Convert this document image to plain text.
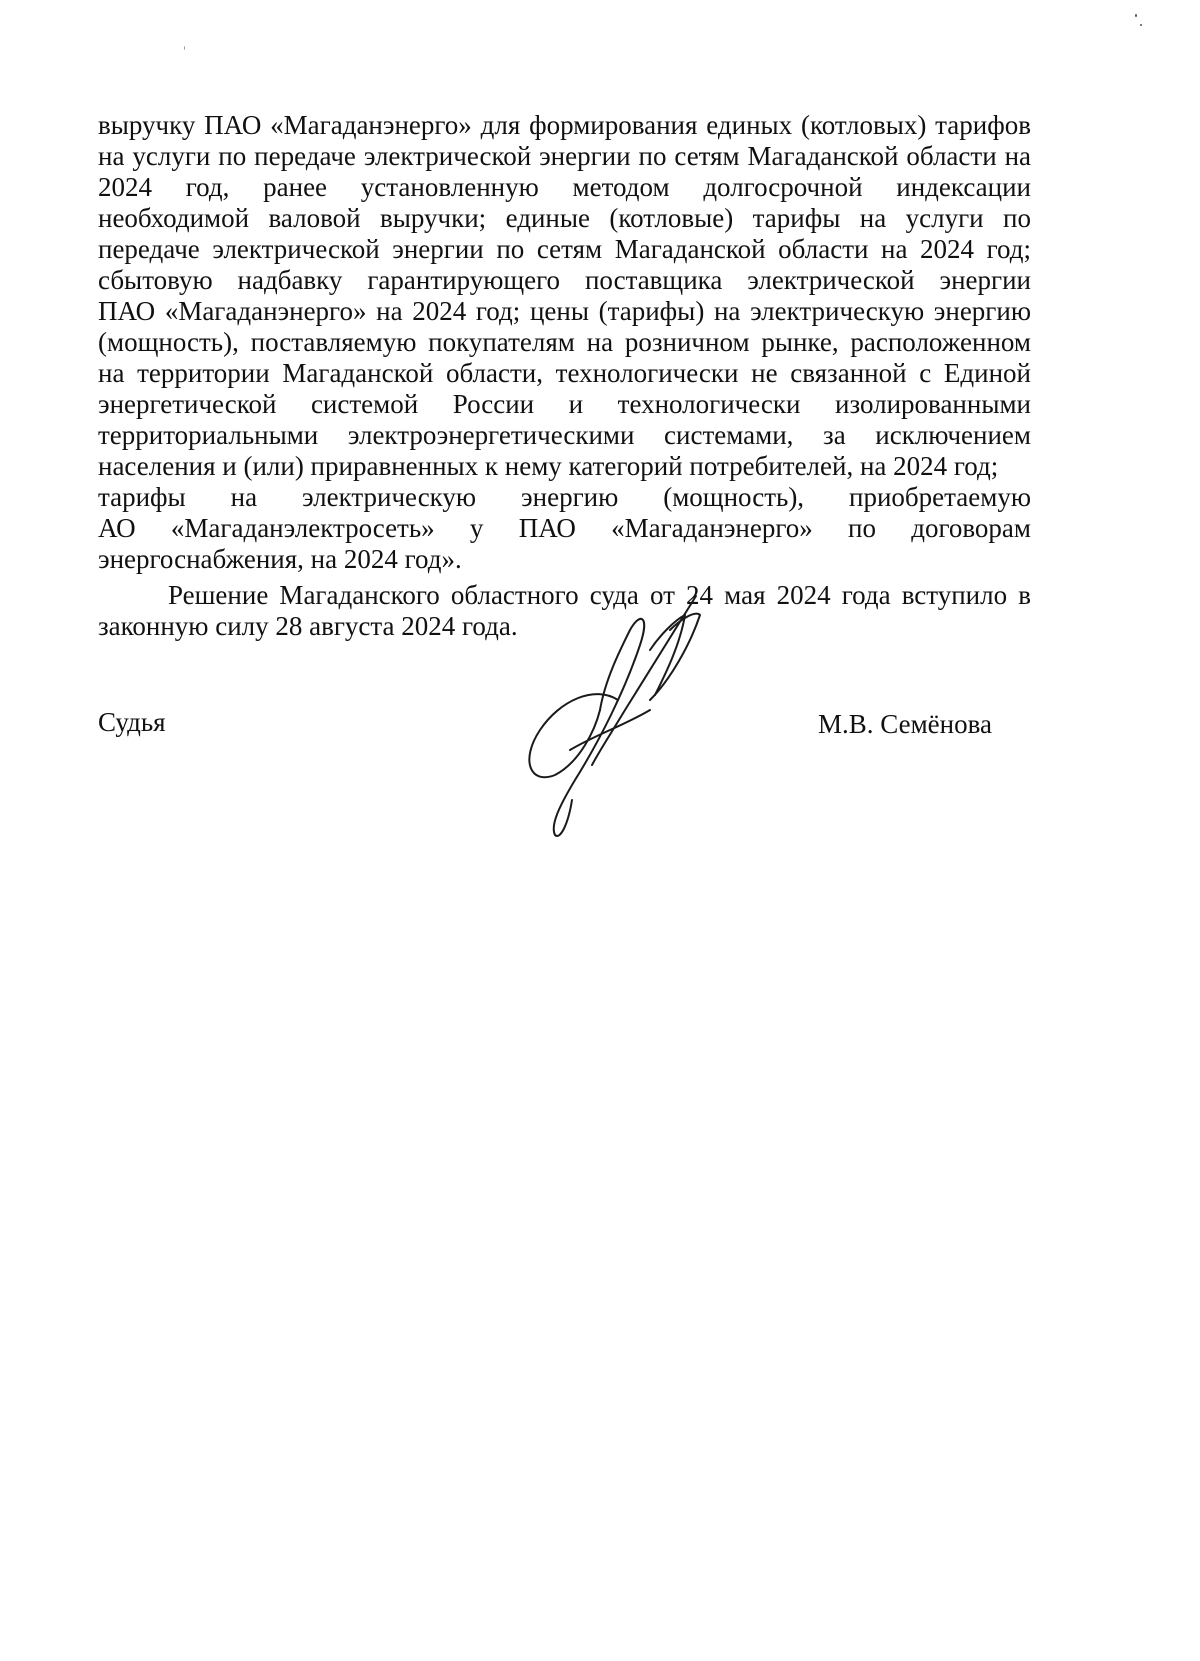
выручку ПАО «Магаданэнерго» для формирования единых (котловых) тарифов
на услуги по передаче электрической энергии по сетям Магаданской области на
2024 год, ранее установленную методом долгосрочной индексации
необходимой валовой выручки; единые (котловые) тарифы на услуги по
передаче электрической энергии по сетям Магаданской области на 2024 год;
сбытовую надбавку гарантирующего поставщика электрической энергии
ПАО «Магаданэнерго» на 2024 год; цены (тарифы) на электрическую энергию
(мощность), поставляемую покупателям на розничном рынке, расположенном
на территории Магаданской области, технологически не связанной с Единой
энергетической системой России и технологически изолированными
территориальными электроэнергетическими системами, за исключением
населения и (или) приравненных к нему категорий потребителей, на 2024 год;
тарифы на электрическую энергию (мощность), приобретаемую
АО «Магаданэлектросеть» у ПАО «Магаданэнерго» по договорам
энергоснабжения, на 2024 год».
Решение Магаданского областного суда от 24 мая 2024 года вступило в
законную силу 28 августа 2024 года.
Судья	М.В. Семёнова
